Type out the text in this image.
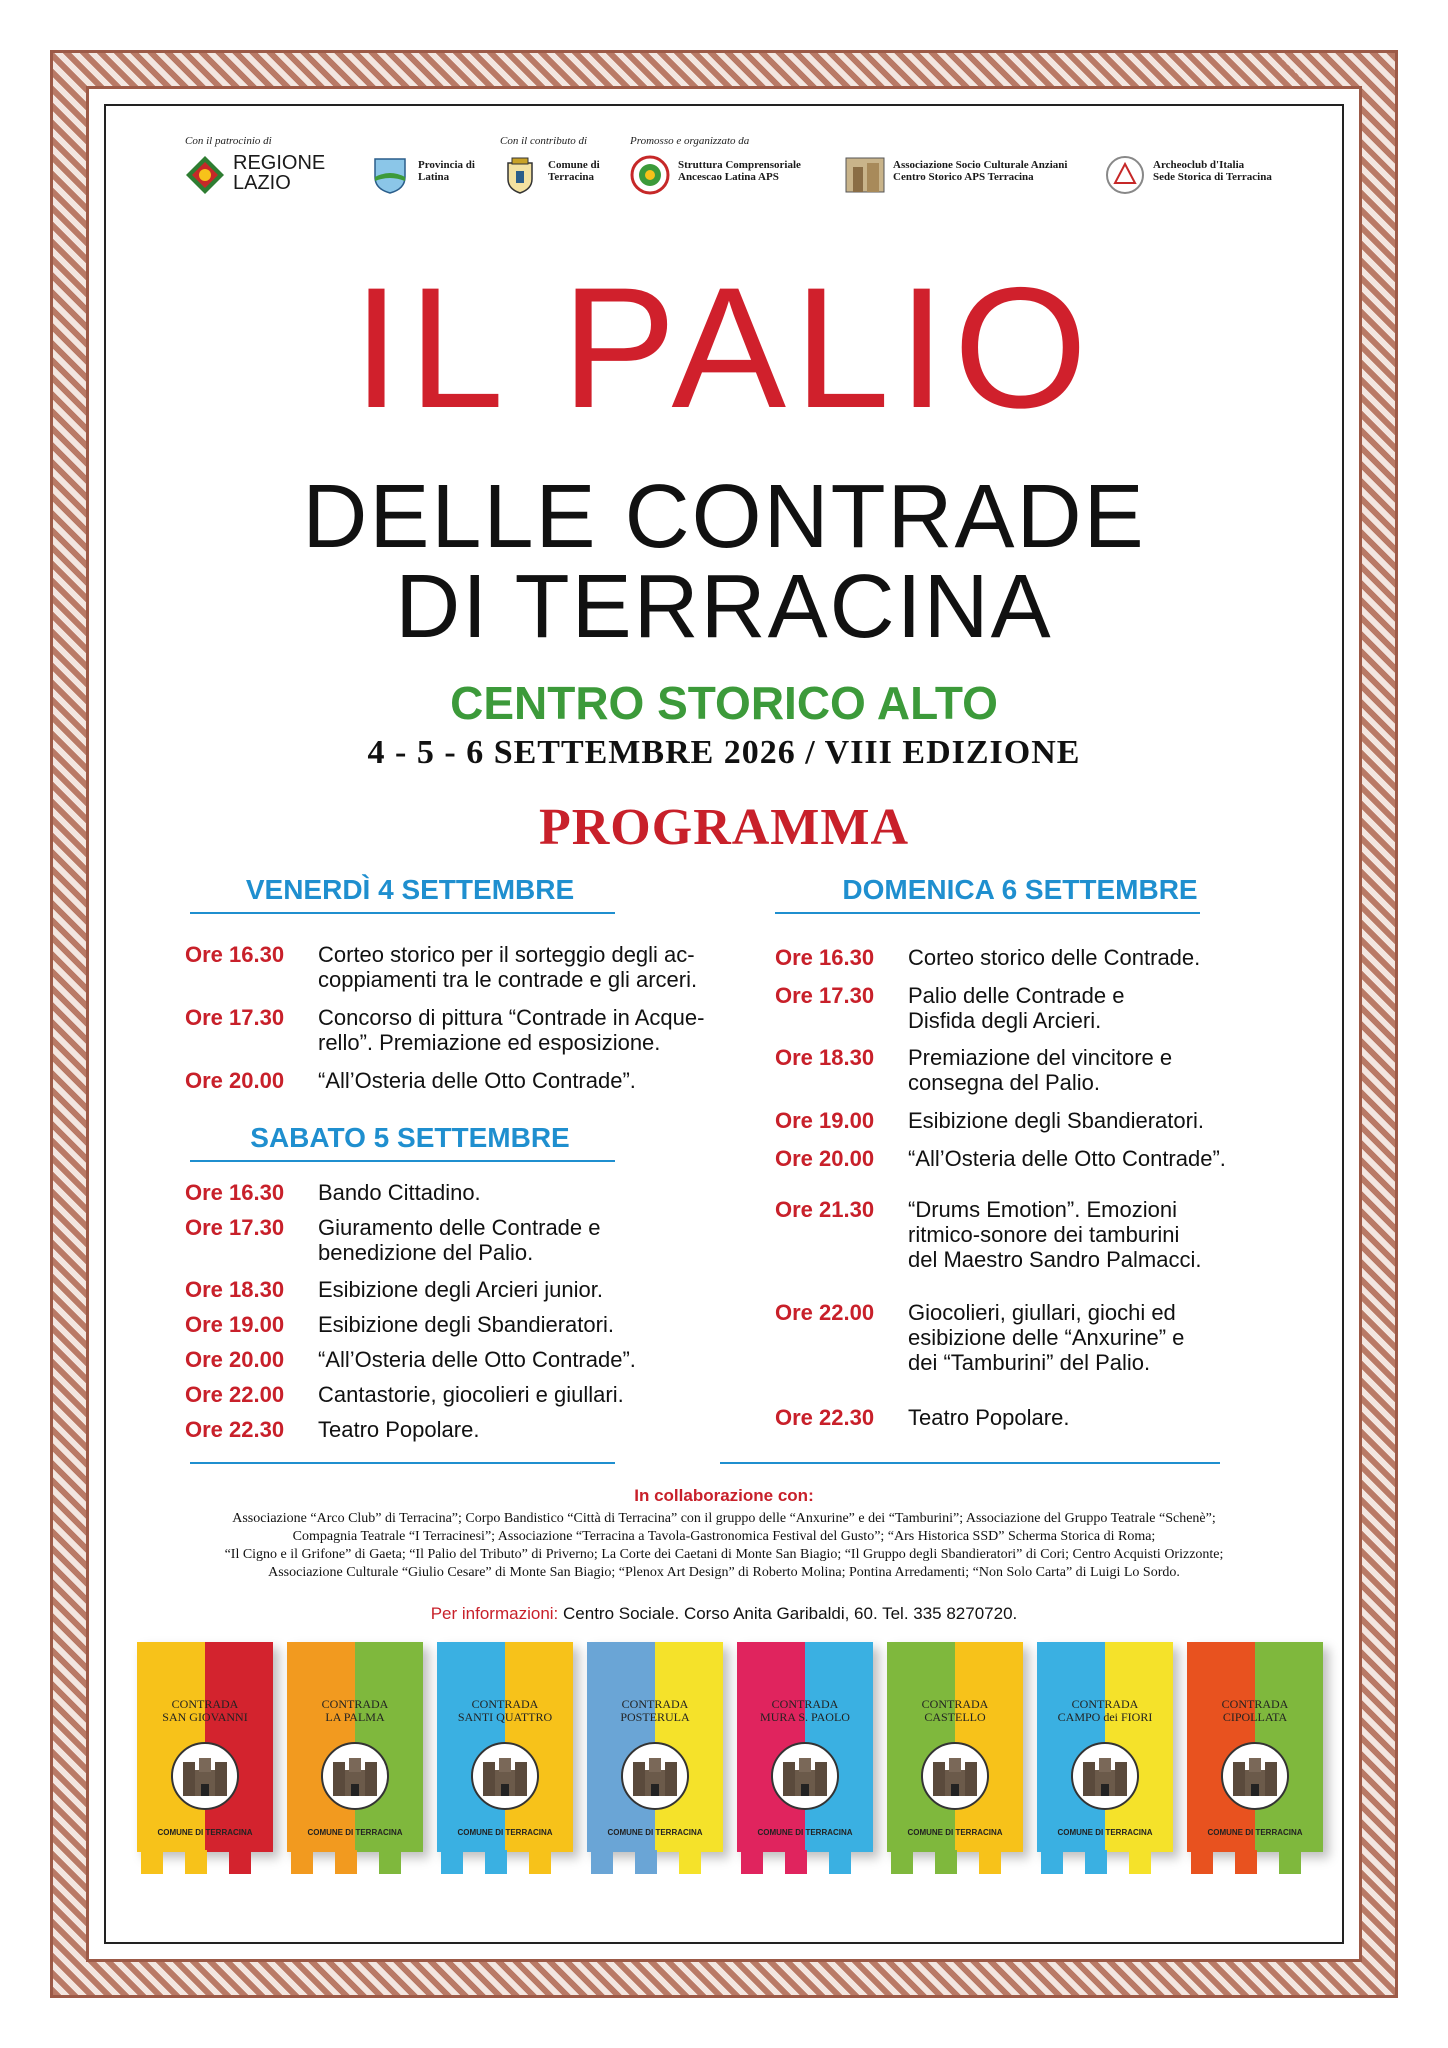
Con il patrocinio di
REGIONE
LAZIO
Provincia di
Latina
Con il contributo di
Comune di
Terracina
Promosso e organizzato da
Struttura Comprensoriale
Ancescao Latina APS
Associazione Socio Culturale Anziani
Centro Storico APS Terracina
Archeoclub d'Italia
Sede Storica di Terracina
IL PALIO
DELLE CONTRADE
DI TERRACINA
CENTRO STORICO ALTO
4 - 5 - 6 SETTEMBRE 2026 / VIII EDIZIONE
PROGRAMMA
VENERDÌ 4 SETTEMBRE
Ore 16.30 Corteo storico per il sorteggio degli ac-
coppiamenti tra le contrade e gli arceri.
Ore 17.30 Concorso di pittura “Contrade in Acque-
rello”. Premiazione ed esposizione.
Ore 20.00 “All’Osteria delle Otto Contrade”.
SABATO 5 SETTEMBRE
Ore 16.30 Bando Cittadino.
Ore 17.30 Giuramento delle Contrade e
benedizione del Palio.
Ore 18.30 Esibizione degli Arcieri junior.
Ore 19.00 Esibizione degli Sbandieratori.
Ore 20.00 “All’Osteria delle Otto Contrade”.
Ore 22.00 Cantastorie, giocolieri e giullari.
Ore 22.30 Teatro Popolare.
DOMENICA 6 SETTEMBRE
Ore 16.30 Corteo storico delle Contrade.
Ore 17.30 Palio delle Contrade e
Disfida degli Arcieri.
Ore 18.30 Premiazione del vincitore e
consegna del Palio.
Ore 19.00 Esibizione degli Sbandieratori.
Ore 20.00 “All’Osteria delle Otto Contrade”.
Ore 21.30 “Drums Emotion”. Emozioni
ritmico-sonore dei tamburini
del Maestro Sandro Palmacci.
Ore 22.00 Giocolieri, giullari, giochi ed
esibizione delle “Anxurine” e
dei “Tamburini” del Palio.
Ore 22.30 Teatro Popolare.
In collaborazione con:
Associazione “Arco Club” di Terracina”; Corpo Bandistico “Città di Terracina” con il gruppo delle “Anxurine” e dei “Tamburini”; Associazione del Gruppo Teatrale “Schenè”;
Compagnia Teatrale “I Terracinesi”; Associazione “Terracina a Tavola-Gastronomica Festival del Gusto”; “Ars Historica SSD” Scherma Storica di Roma;
“Il Cigno e il Grifone” di Gaeta; “Il Palio del Tributo” di Priverno; La Corte dei Caetani di Monte San Biagio; “Il Gruppo degli Sbandieratori” di Cori; Centro Acquisti Orizzonte;
Associazione Culturale “Giulio Cesare” di Monte San Biagio; “Plenox Art Design” di Roberto Molina; Pontina Arredamenti; “Non Solo Carta” di Luigi Lo Sordo.
Per informazioni: Centro Sociale. Corso Anita Garibaldi, 60. Tel. 335 8270720.
CONTRADA
SAN GIOVANNI
COMUNE DI TERRACINA
CONTRADA
LA PALMA
COMUNE DI TERRACINA
CONTRADA
SANTI QUATTRO
COMUNE DI TERRACINA
CONTRADA
POSTERULA
COMUNE DI TERRACINA
CONTRADA
MURA S. PAOLO
COMUNE DI TERRACINA
CONTRADA
CASTELLO
COMUNE DI TERRACINA
CONTRADA
CAMPO dei FIORI
COMUNE DI TERRACINA
CONTRADA
CIPOLLATA
COMUNE DI TERRACINA
